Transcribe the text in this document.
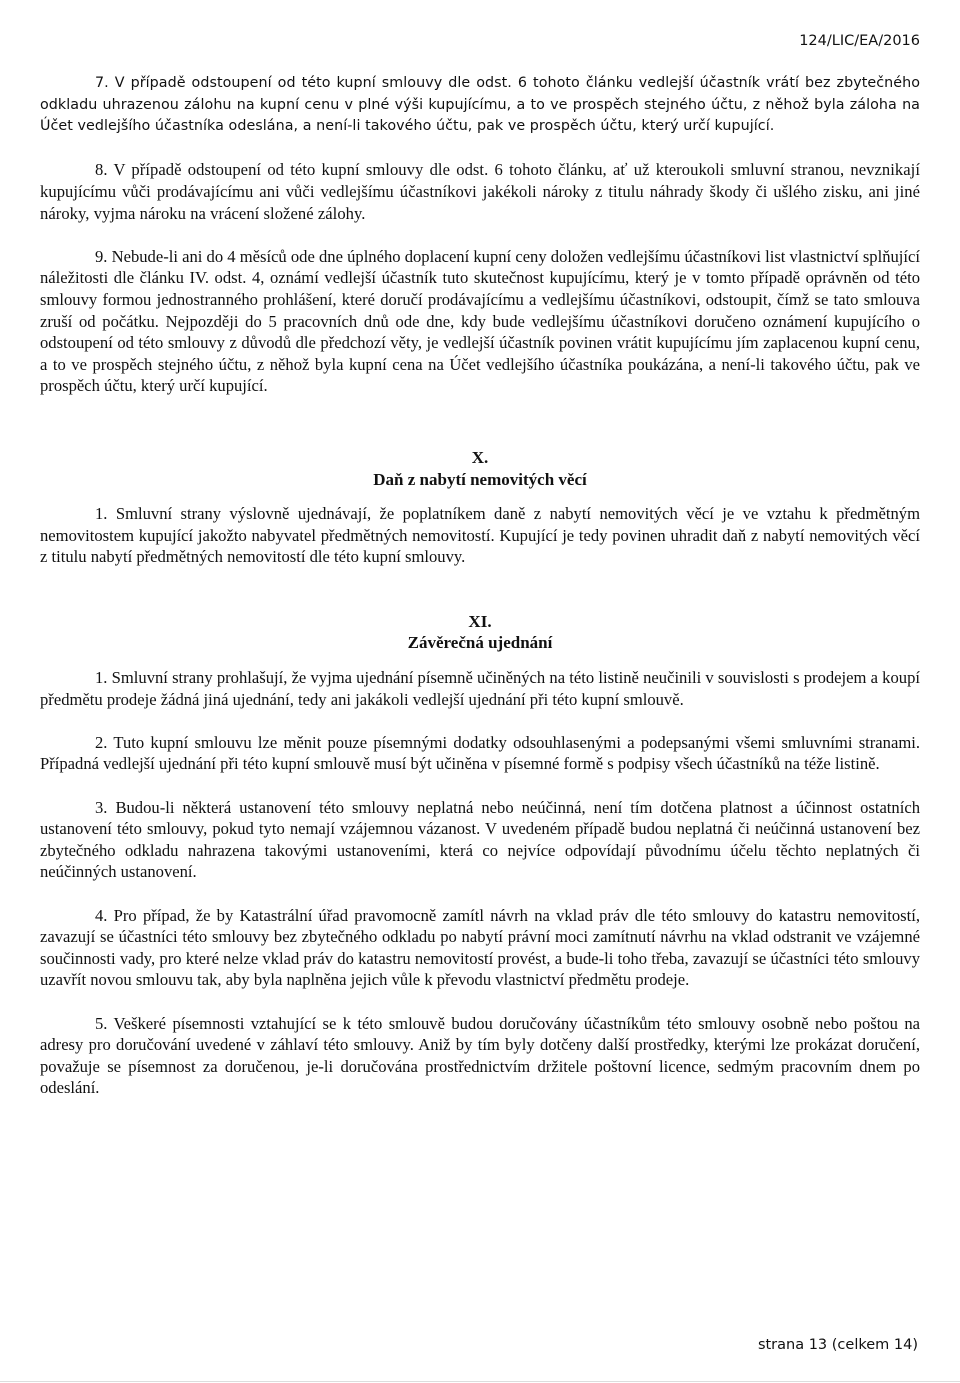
124/LIC/EA/2016

7. V případě odstoupení od této kupní smlouvy dle odst. 6 tohoto článku vedlejší účastník vrátí bez zbytečného odkladu uhrazenou zálohu na kupní cenu v plné výši kupujícímu, a to ve prospěch stejného účtu, z něhož byla záloha na Účet vedlejšího účastníka odeslána, a není-li takového účtu, pak ve prospěch účtu, který určí kupující.

8. V případě odstoupení od této kupní smlouvy dle odst. 6 tohoto článku, ať už kteroukoli smluvní stranou, nevznikají kupujícímu vůči prodávajícímu ani vůči vedlejšímu účastníkovi jakékoli nároky z titulu náhrady škody či ušlého zisku, ani jiné nároky, vyjma nároku na vrácení složené zálohy.

9. Nebude-li ani do 4 měsíců ode dne úplného doplacení kupní ceny doložen vedlejšímu účastníkovi list vlastnictví splňující náležitosti dle článku IV. odst. 4, oznámí vedlejší účastník tuto skutečnost kupujícímu, který je v tomto případě oprávněn od této smlouvy formou jednostranného prohlášení, které doručí prodávajícímu a vedlejšímu účastníkovi, odstoupit, čímž se tato smlouva zruší od počátku. Nejpozději do 5 pracovních dnů ode dne, kdy bude vedlejšímu účastníkovi doručeno oznámení kupujícího o odstoupení od této smlouvy z důvodů dle předchozí věty, je vedlejší účastník povinen vrátit kupujícímu jím zaplacenou kupní cenu, a to ve prospěch stejného účtu, z něhož byla kupní cena na Účet vedlejšího účastníka poukázána, a není-li takového účtu, pak ve prospěch účtu, který určí kupující.

X.

Daň z nabytí nemovitých věcí

1. Smluvní strany výslovně ujednávají, že poplatníkem daně z nabytí nemovitých věcí je ve vztahu k předmětným nemovitostem kupující jakožto nabyvatel předmětných nemovitostí. Kupující je tedy povinen uhradit daň z nabytí nemovitých věcí z titulu nabytí předmětných nemovitostí dle této kupní smlouvy.

XI.

Závěrečná ujednání

1. Smluvní strany prohlašují, že vyjma ujednání písemně učiněných na této listině neučinili v souvislosti s prodejem a koupí předmětu prodeje žádná jiná ujednání, tedy ani jakákoli vedlejší ujednání při této kupní smlouvě.

2. Tuto kupní smlouvu lze měnit pouze písemnými dodatky odsouhlasenými a podepsanými všemi smluvními stranami. Případná vedlejší ujednání při této kupní smlouvě musí být učiněna v písemné formě s podpisy všech účastníků na téže listině.

3. Budou-li některá ustanovení této smlouvy neplatná nebo neúčinná, není tím dotčena platnost a účinnost ostatních ustanovení této smlouvy, pokud tyto nemají vzájemnou vázanost. V uvedeném případě budou neplatná či neúčinná ustanovení bez zbytečného odkladu nahrazena takovými ustanoveními, která co nejvíce odpovídají původnímu účelu těchto neplatných či neúčinných ustanovení.

4. Pro případ, že by Katastrální úřad pravomocně zamítl návrh na vklad práv dle této smlouvy do katastru nemovitostí, zavazují se účastníci této smlouvy bez zbytečného odkladu po nabytí právní moci zamítnutí návrhu na vklad odstranit ve vzájemné součinnosti vady, pro které nelze vklad práv do katastru nemovitostí provést, a bude-li toho třeba, zavazují se účastníci této smlouvy uzavřít novou smlouvu tak, aby byla naplněna jejich vůle k převodu vlastnictví předmětu prodeje.

5. Veškeré písemnosti vztahující se k této smlouvě budou doručovány účastníkům této smlouvy osobně nebo poštou na adresy pro doručování uvedené v záhlaví této smlouvy. Aniž by tím byly dotčeny další prostředky, kterými lze prokázat doručení, považuje se písemnost za doručenou, je-li doručována prostřednictvím držitele poštovní licence, sedmým pracovním dnem po odeslání.

strana 13 (celkem 14)
